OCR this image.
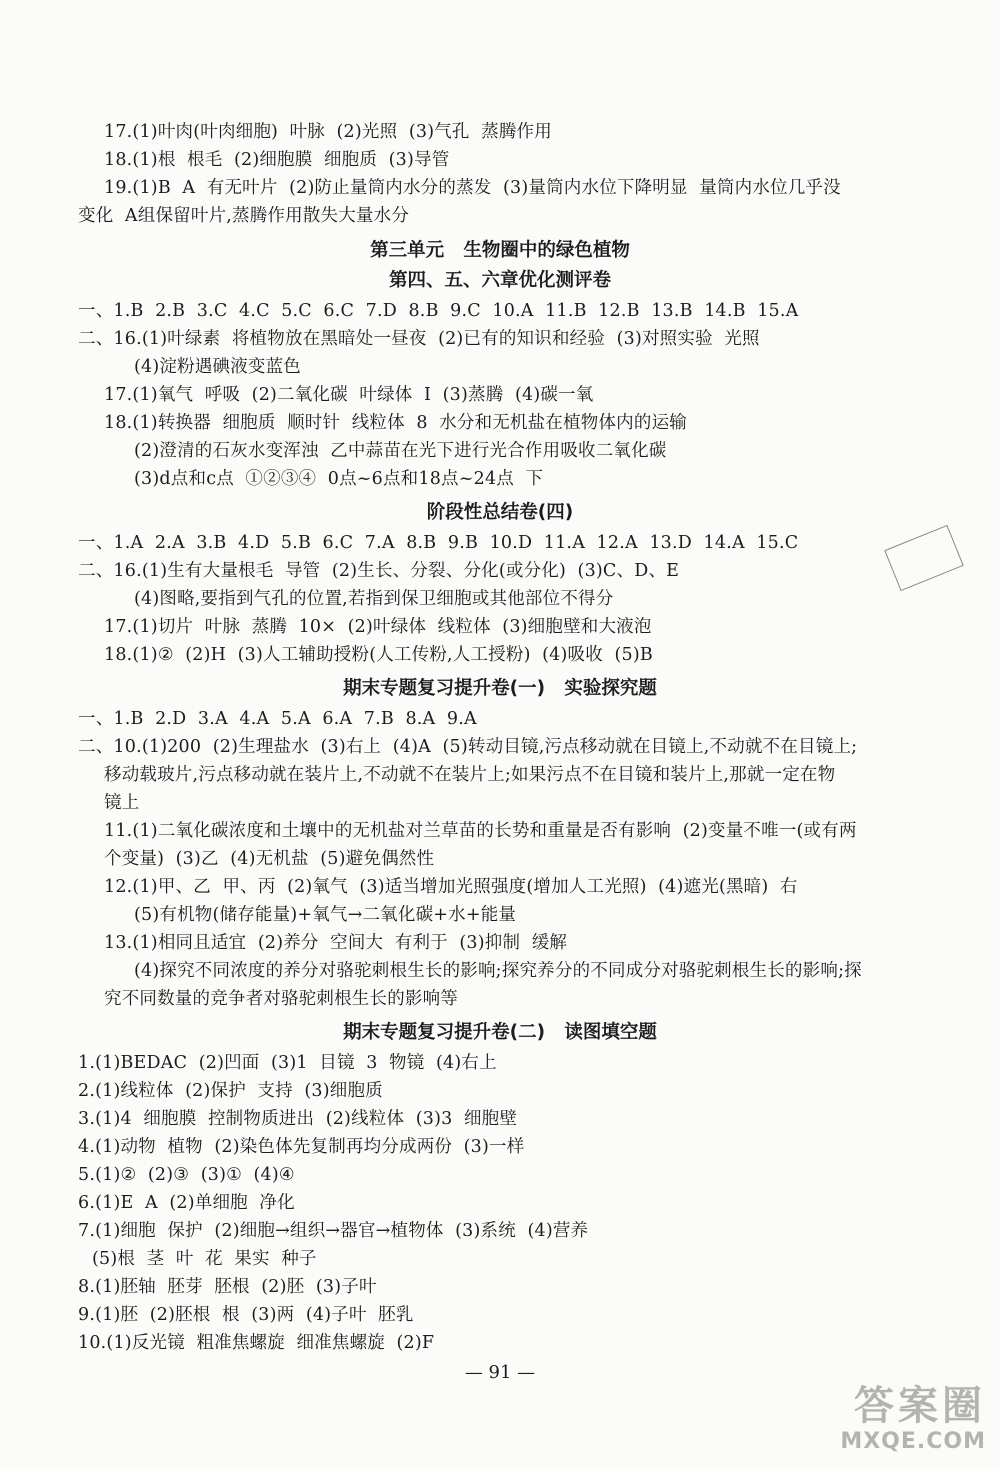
17.(1)叶肉(叶肉细胞)  叶脉  (2)光照  (3)气孔  蒸腾作用
18.(1)根  根毛  (2)细胞膜  细胞质  (3)导管
19.(1)B  A  有无叶片  (2)防止量筒内水分的蒸发  (3)量筒内水位下降明显  量筒内水位几乎没
变化  A组保留叶片,蒸腾作用散失大量水分
第三单元   生物圈中的绿色植物
第四、五、六章优化测评卷
一、1.B  2.B  3.C  4.C  5.C  6.C  7.D  8.B  9.C  10.A  11.B  12.B  13.B  14.B  15.A
二、16.(1)叶绿素  将植物放在黑暗处一昼夜  (2)已有的知识和经验  (3)对照实验  光照
(4)淀粉遇碘液变蓝色
17.(1)氧气  呼吸  (2)二氧化碳  叶绿体  Ⅰ  (3)蒸腾  (4)碳一氧
18.(1)转换器  细胞质  顺时针  线粒体  8  水分和无机盐在植物体内的运输
(2)澄清的石灰水变浑浊  乙中蒜苗在光下进行光合作用吸收二氧化碳
(3)d点和c点  ①②③④  0点~6点和18点~24点  下
阶段性总结卷(四)
一、1.A  2.A  3.B  4.D  5.B  6.C  7.A  8.B  9.B  10.D  11.A  12.A  13.D  14.A  15.C
二、16.(1)生有大量根毛  导管  (2)生长、分裂、分化(或分化)  (3)C、D、E
(4)图略,要指到气孔的位置,若指到保卫细胞或其他部位不得分
17.(1)切片  叶脉  蒸腾  10×  (2)叶绿体  线粒体  (3)细胞壁和大液泡
18.(1)②  (2)H  (3)人工辅助授粉(人工传粉,人工授粉)  (4)吸收  (5)B
期末专题复习提升卷(一)   实验探究题
一、1.B  2.D  3.A  4.A  5.A  6.A  7.B  8.A  9.A
二、10.(1)200  (2)生理盐水  (3)右上  (4)A  (5)转动目镜,污点移动就在目镜上,不动就不在目镜上;
移动载玻片,污点移动就在装片上,不动就不在装片上;如果污点不在目镜和装片上,那就一定在物
镜上
11.(1)二氧化碳浓度和土壤中的无机盐对兰草苗的长势和重量是否有影响  (2)变量不唯一(或有两
个变量)  (3)乙  (4)无机盐  (5)避免偶然性
12.(1)甲、乙  甲、丙  (2)氧气  (3)适当增加光照强度(增加人工光照)  (4)遮光(黑暗)  右
(5)有机物(储存能量)+氧气→二氧化碳+水+能量
13.(1)相同且适宜  (2)养分  空间大  有利于  (3)抑制  缓解
(4)探究不同浓度的养分对骆驼刺根生长的影响;探究养分的不同成分对骆驼刺根生长的影响;探
究不同数量的竞争者对骆驼刺根生长的影响等
期末专题复习提升卷(二)   读图填空题
1.(1)BEDAC  (2)凹面  (3)1  目镜  3  物镜  (4)右上
2.(1)线粒体  (2)保护  支持  (3)细胞质
3.(1)4  细胞膜  控制物质进出  (2)线粒体  (3)3  细胞壁
4.(1)动物  植物  (2)染色体先复制再均分成两份  (3)一样
5.(1)②  (2)③  (3)①  (4)④
6.(1)E  A  (2)单细胞  净化
7.(1)细胞  保护  (2)细胞→组织→器官→植物体  (3)系统  (4)营养
(5)根  茎  叶  花  果实  种子
8.(1)胚轴  胚芽  胚根  (2)胚  (3)子叶
9.(1)胚  (2)胚根  根  (3)两  (4)子叶  胚乳
10.(1)反光镜  粗准焦螺旋  细准焦螺旋  (2)F
— 91 —
答案圈
MXQE.COM
